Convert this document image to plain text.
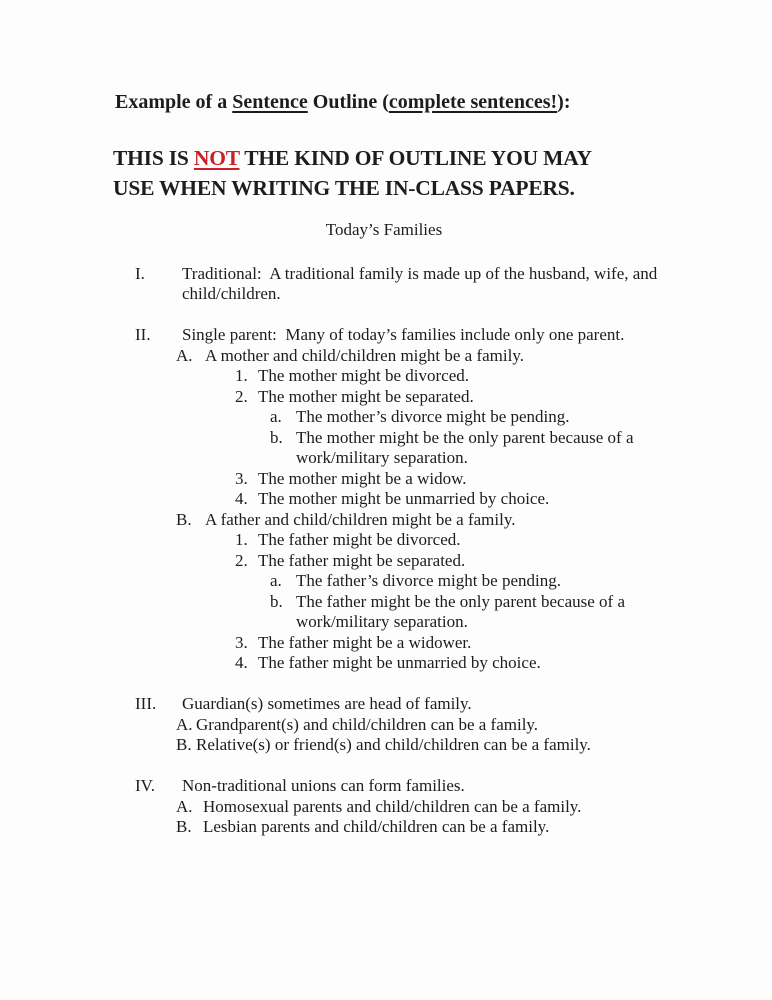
Example of a Sentence Outline (complete sentences!):
THIS IS NOT THE KIND OF OUTLINE YOU MAY
USE WHEN WRITING THE IN-CLASS PAPERS.
Today’s Families
I.	Traditional:  A traditional family is made up of the husband, wife, and child/children.
II.	Single parent:  Many of today’s families include only one parent.
A. A mother and child/children might be a family.
1. The mother might be divorced.
2. The mother might be separated.
a. The mother’s divorce might be pending.
b. The mother might be the only parent because of a work/military separation.
3. The mother might be a widow.
4. The mother might be unmarried by choice.
B. A father and child/children might be a family.
1. The father might be divorced.
2. The father might be separated.
a. The father’s divorce might be pending.
b. The father might be the only parent because of a work/military separation.
3. The father might be a widower.
4. The father might be unmarried by choice.
III.	Guardian(s) sometimes are head of family.
A. Grandparent(s) and child/children can be a family.
B. Relative(s) or friend(s) and child/children can be a family.
IV.	Non-traditional unions can form families.
A. Homosexual parents and child/children can be a family.
B. Lesbian parents and child/children can be a family.
